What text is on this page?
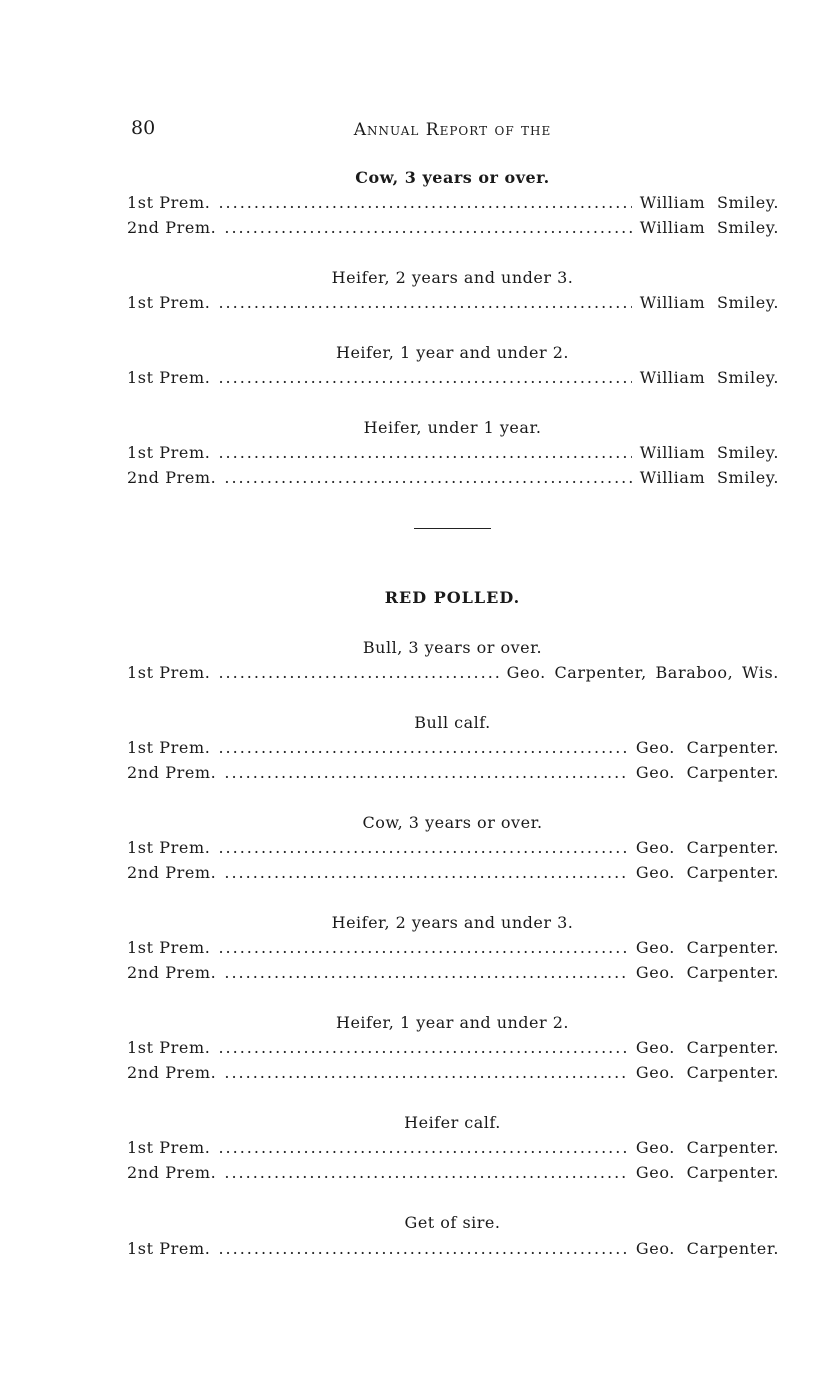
80	Annual Report of the
Cow, 3 years or over.
1st Prem. .....	William Smiley.
2nd Prem. .....	William Smiley.
Heifer, 2 years and under 3.
1st Prem. .....	William Smiley.
Heifer, 1 year and under 2.
1st Prem. .....	William Smiley.
Heifer, under 1 year.
1st Prem. .....	William Smiley.
2nd Prem. .....	William Smiley.
RED POLLED.
Bull, 3 years or over.
1st Prem. .....	Geo. Carpenter, Baraboo, Wis.
Bull calf.
1st Prem. .....	Geo. Carpenter.
2nd Prem. .....	Geo. Carpenter.
Cow, 3 years or over.
1st Prem. .....	Geo. Carpenter.
2nd Prem. .....	Geo. Carpenter.
Heifer, 2 years and under 3.
1st Prem. .....	Geo. Carpenter.
2nd Prem. .....	Geo. Carpenter.
Heifer, 1 year and under 2.
1st Prem. .....	Geo. Carpenter.
2nd Prem. .....	Geo. Carpenter.
Heifer calf.
1st Prem. .....	Geo. Carpenter.
2nd Prem. .....	Geo. Carpenter.
Get of sire.
1st Prem. .....	Geo. Carpenter.
